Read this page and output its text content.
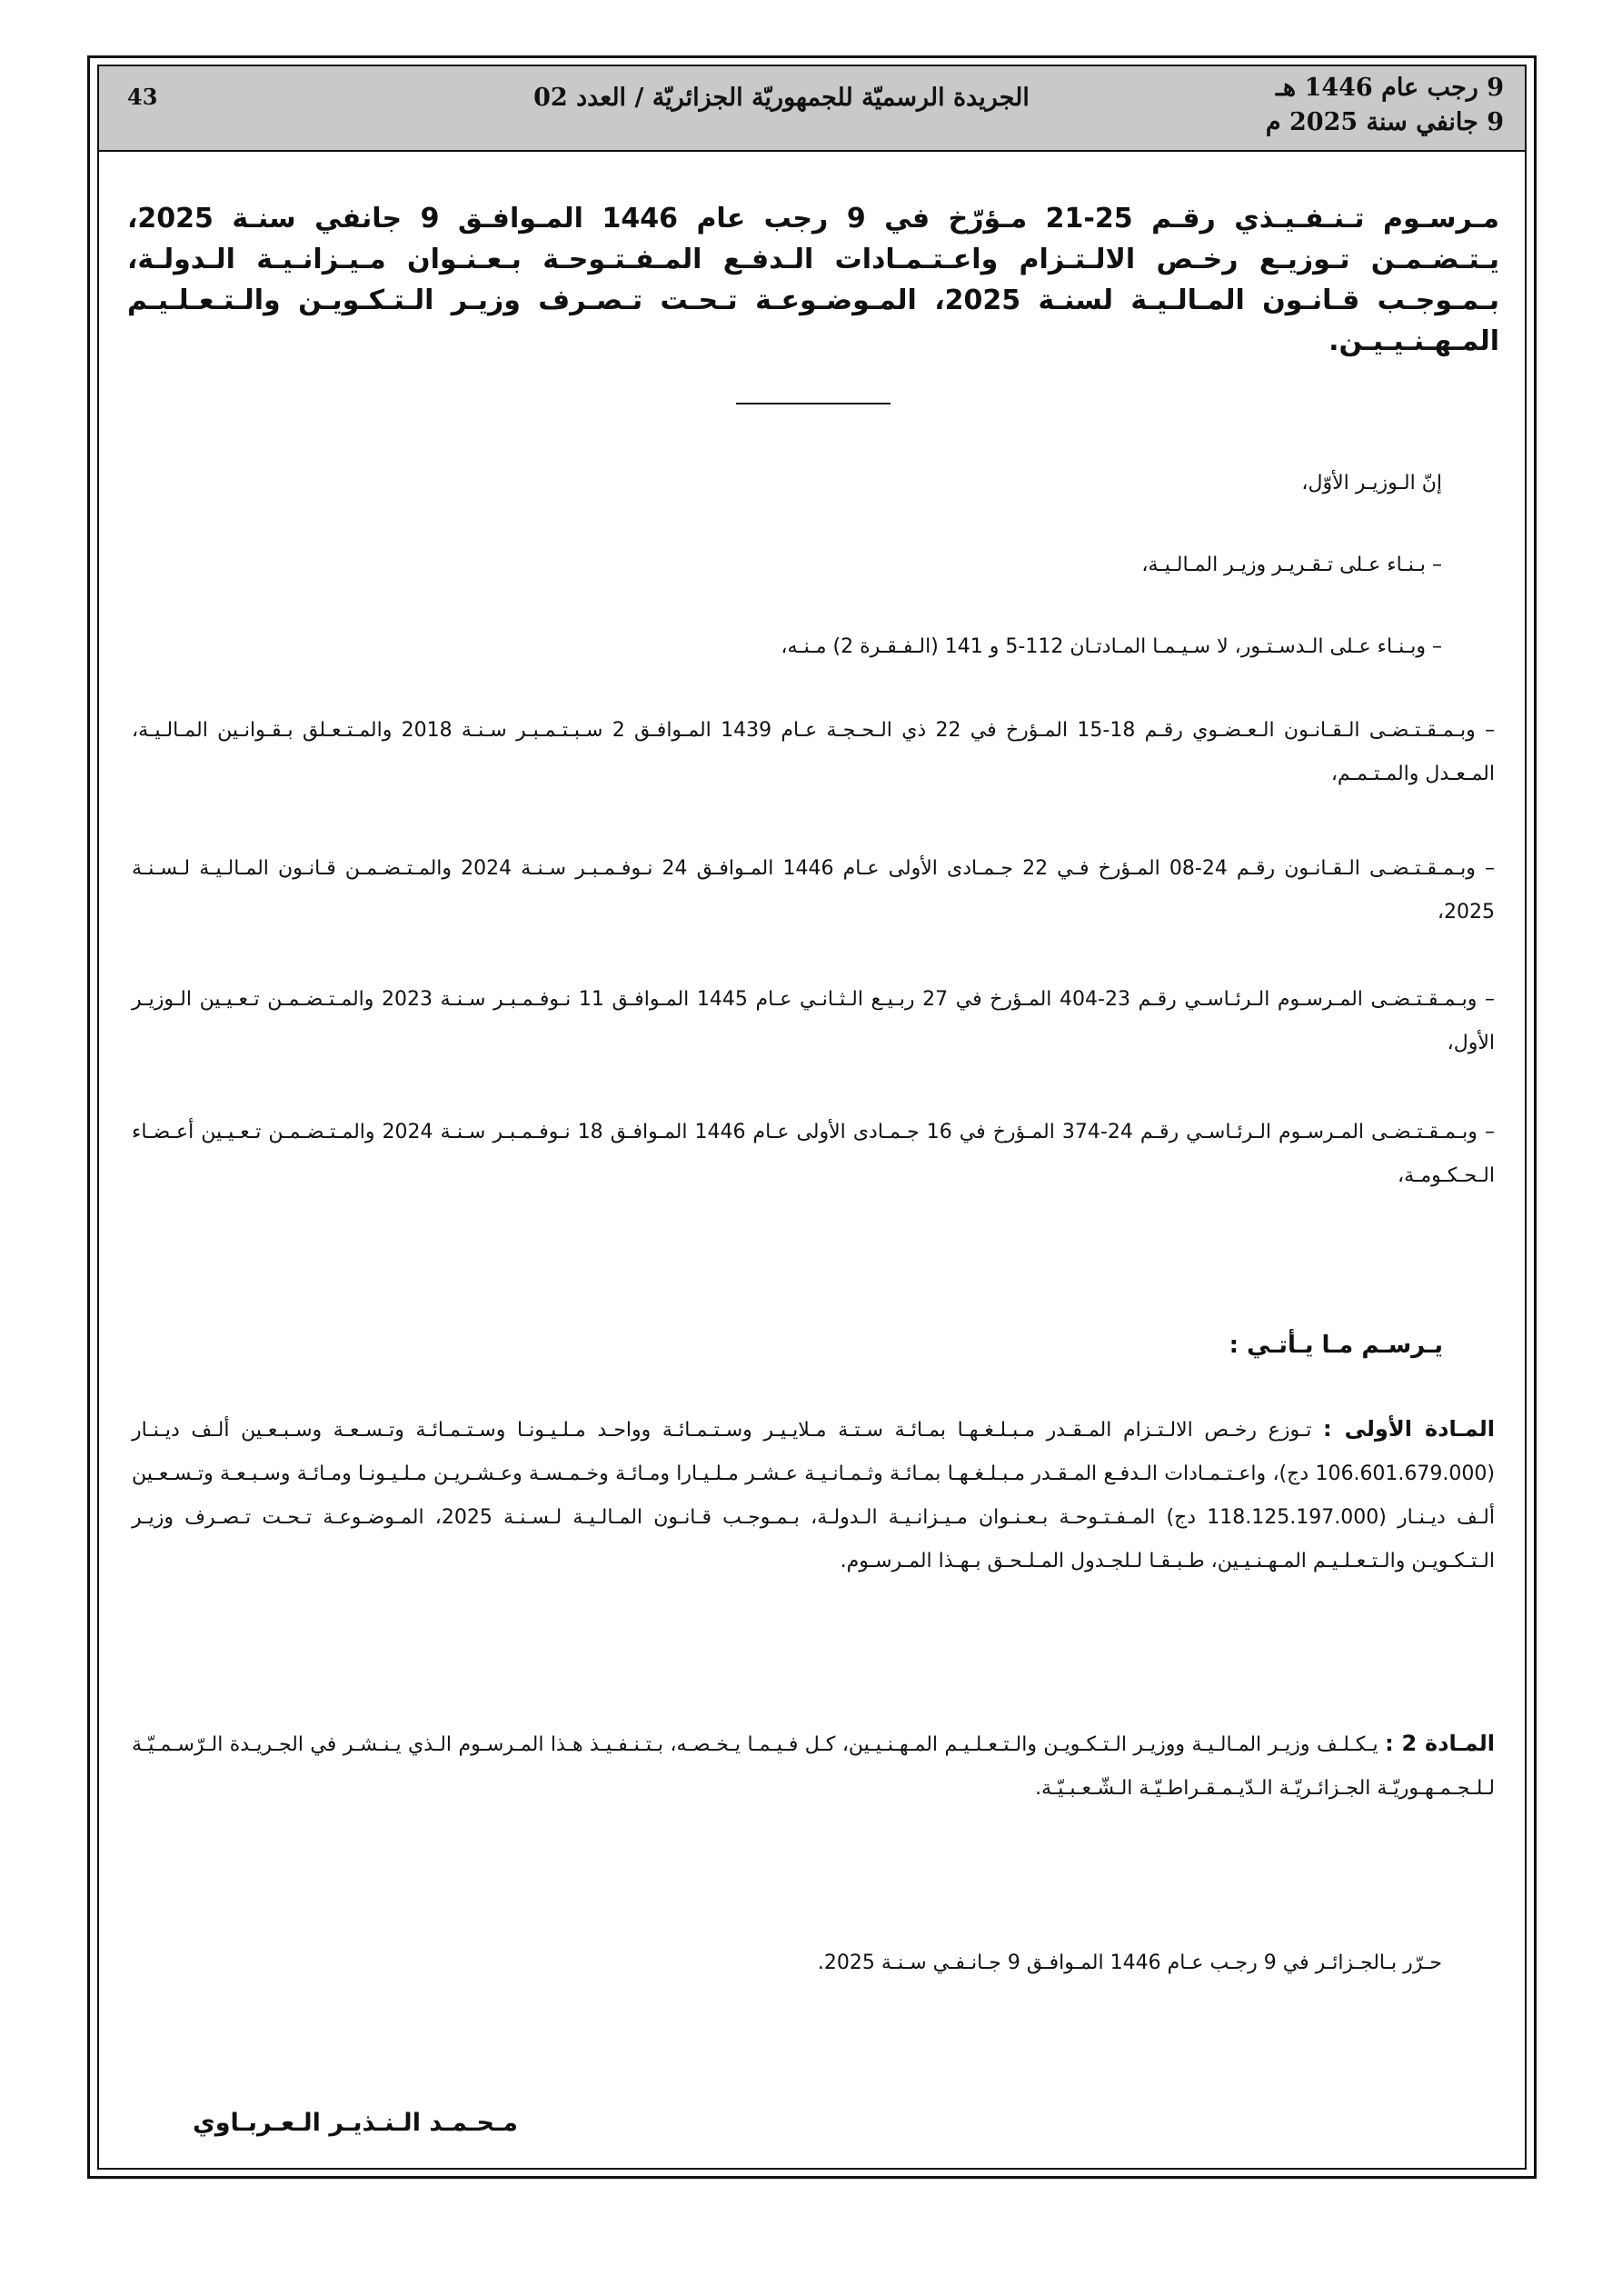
9 رجب عام 1446 هـ
9 جانفي سنة 2025 م
الجريدة الرسميّة للجمهوريّة الجزائريّة / العدد 02
43
مـرسـوم تـنـفـيـذي رقـم 25-21 مـؤرّخ في 9 رجب عام 1446 المـوافـق 9 جانفي سنـة 2025، يـتـضـمـن تـوزيـع رخـص الالـتـزام واعـتـمـادات الـدفـع المـفـتـوحـة بـعـنـوان مـيـزانـيـة الـدولـة، بـمـوجـب قـانـون المـالـيـة لسنـة 2025، المـوضـوعـة تـحـت تـصـرف وزيـر الـتـكـويـن والـتـعـلـيـم المـهـنـيـيـن.
إنّ الـوزيـر الأوّل،
– بـنـاء عـلى تـقـريـر وزيـر المـالـيـة،
– وبـنـاء عـلى الـدسـتـور، لا سـيـمـا المـادتـان 112-5 و 141 (الـفـقـرة 2) مـنـه،
– وبـمـقـتـضـى الـقـانـون الـعـضـوي رقـم 18-15 المـؤرخ في 22 ذي الـحـجـة عـام 1439 المـوافـق 2 سـبـتـمـبـر سـنـة 2018 والمـتـعـلق بـقـوانـين المـالـيـة، المـعـدل والمـتـمـم،
– وبـمـقـتـضـى الـقـانـون رقـم 24-08 المـؤرخ فـي 22 جـمـادى الأولى عـام 1446 المـوافـق 24 نـوفـمـبـر سـنـة 2024 والمـتـضـمـن قـانـون المـالـيـة لـسـنـة 2025،
– وبـمـقـتـضـى المـرسـوم الـرئـاسـي رقـم 23-404 المـؤرخ في 27 ربـيـع الـثـانـي عـام 1445 المـوافـق 11 نـوفـمـبـر سـنـة 2023 والمـتـضـمـن تـعـيـين الـوزيـر الأول،
– وبـمـقـتـضـى المـرسـوم الـرئـاسـي رقـم 24-374 المـؤرخ في 16 جـمـادى الأولى عـام 1446 المـوافـق 18 نـوفـمـبـر سـنـة 2024 والمـتـضـمـن تـعـيـين أعـضـاء الـحـكـومـة،
يـرسـم مـا يـأتـي :
المـادة الأولى : تـوزع رخـص الالـتـزام المـقـدر مـبـلـغـهـا بمـائـة سـتـة مـلايـيـر وسـتـمـائـة وواحـد مـلـيـونـا وسـتـمـائـة وتـسـعـة وسـبـعـين ألـف ديـنـار (106.601.679.000 دج)، واعـتـمـادات الـدفـع المـقـدر مـبـلـغـهـا بمـائـة وثـمـانـيـة عـشـر مـلـيـارا ومـائـة وخـمـسـة وعـشـريـن مـلـيـونـا ومـائـة وسـبـعـة وتـسـعـين ألـف ديـنـار (118.125.197.000 دج) المـفـتـوحـة بـعـنـوان مـيـزانـيـة الـدولـة، بـمـوجـب قـانـون المـالـيـة لـسـنـة 2025، المـوضـوعـة تـحـت تـصـرف وزيـر الـتـكـويـن والـتـعـلـيـم المـهـنـيـين، طـبـقـا لـلجـدول المـلـحـق بـهـذا المـرسـوم.
المـادة 2 : يـكـلـف وزيـر المـالـيـة ووزيـر الـتـكـويـن والـتـعـلـيـم المـهـنـيـين، كـل فـيـمـا يـخـصـه، بـتـنـفـيـذ هـذا المـرسـوم الـذي يـنـشـر في الجـريـدة الـرّسـمـيّـة لـلـجـمـهـوريّـة الجـزائـريّـة الـدّيـمـقـراطـيّـة الـشّـعـبـيّـة.
حـرّر بـالجـزائـر في 9 رجـب عـام 1446 المـوافـق 9 جـانـفـي سـنـة 2025.
مـحـمـد الـنـذيـر الـعـربـاوي
